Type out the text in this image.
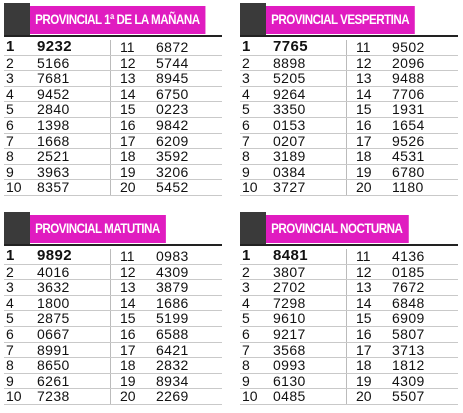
PROVINCIAL 1ª DE LA MAÑANA
1	9232	11	6872
2	5166	12	5744
3	7681	13	8945
4	9452	14	6750
5	2840	15	0223
6	1398	16	9842
7	1668	17	6209
8	2521	18	3592
9	3963	19	3206
10 8357	20	5452
PROVINCIAL VESPERTINA
1	7765	11	9502
2	8898	12	2096
3	5205	13	9488
4	9264	14	7706
5	3350	15	1931
6	0153	16	1654
7	0207	17	9526
8	3189	18	4531
9	0384	19	6780
10 3727	20	1180
PROVINCIAL MATUTINA
1	9892	11	0983
2	4016	12	4309
3	3632	13	3879
4	1800	14	1686
5	2875	15	5199
6	0667	16	6588
7	8991	17	6421
8	8650	18	2832
9	6261	19	8934
10 7238	20	2269
PROVINCIAL NOCTURNA
1	8481	11	4136
2	3807	12	0185
3	2702	13	7672
4	7298	14	6848
5	9610	15	6909
6	9217	16	5807
7	3568	17	3713
8	0993	18	1812
9	6130	19	4309
10 0485	20	5507
